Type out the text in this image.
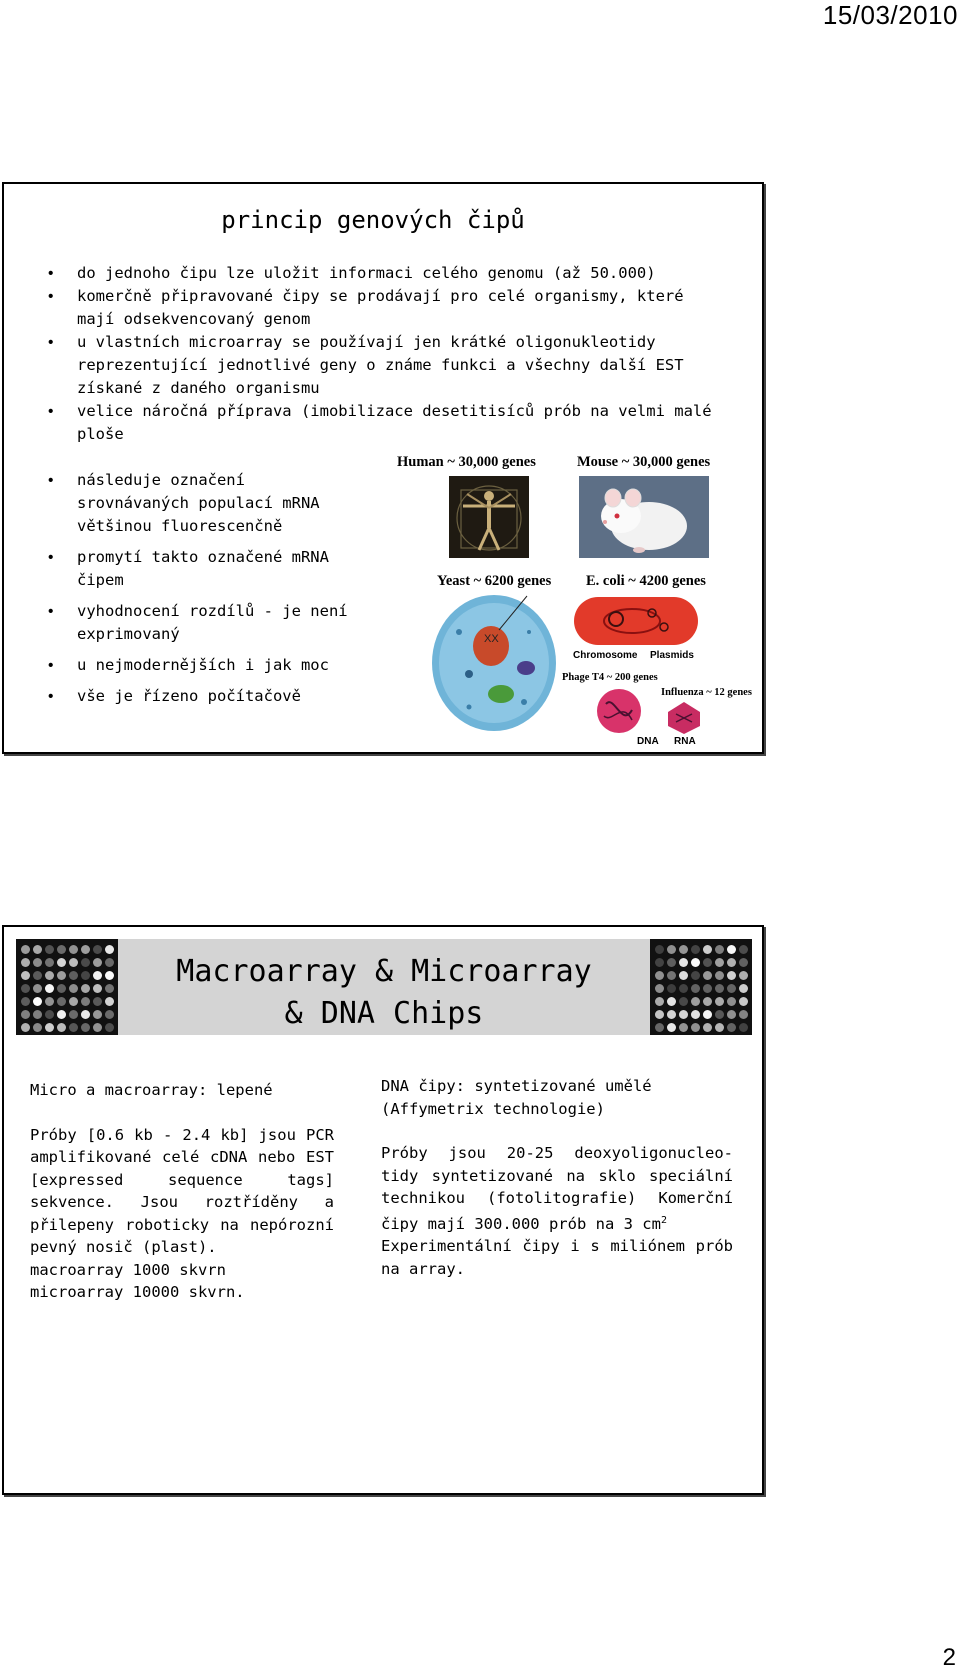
15/03/2010
princip genových čipů
• do jednoho čipu lze uložit informaci celého genomu (až 50.000)
• komerčně připravované čipy se prodávají pro celé organismy, které mají odsekvencovaný genom
• u vlastních microarray se používají jen krátké oligonukleotidy reprezentující jednotlivé geny o známe funkci a všechny další EST získané z daného organismu
• velice náročná příprava (imobilizace desetitisíců prób na velmi malé ploše
• následuje označení srovnávaných populací mRNA většinou fluorescenčně
• promytí takto označené mRNA čipem
• vyhodnocení rozdílů - je není exprimovaný
• u nejmodernějších i jak moc
• vše je řízeno počítačově
Human ~ 30,000 genes	Mouse ~ 30,000 genes
Yeast ~ 6200 genes E. coli ~ 4200 genes
XX
Chromosome Plasmids
Phage T4 ~ 200 genes
Influenza ~ 12 genes
DNA RNA
Macroarray & Microarray
& DNA Chips
Micro a macroarray: lepené

Próby [0.6 kb - 2.4 kb] jsou PCR amplifikované celé cDNA nebo EST [expressed sequence tags] sekvence. Jsou roztříděny a přilepeny roboticky na nepórozní pevný nosič (plast).

macroarray 1000 skvrn
microarray 10000 skvrn.
DNA čipy: syntetizované umělé
(Affymetrix technologie)

Próby jsou 20-25 deoxyoligonucleo- tidy syntetizované na sklo speciální technikou (fotolitografie) Komerční čipy mají 300.000 prób na 3 $cm^2$

Experimentální čipy i s miliónem prób na array.

2
